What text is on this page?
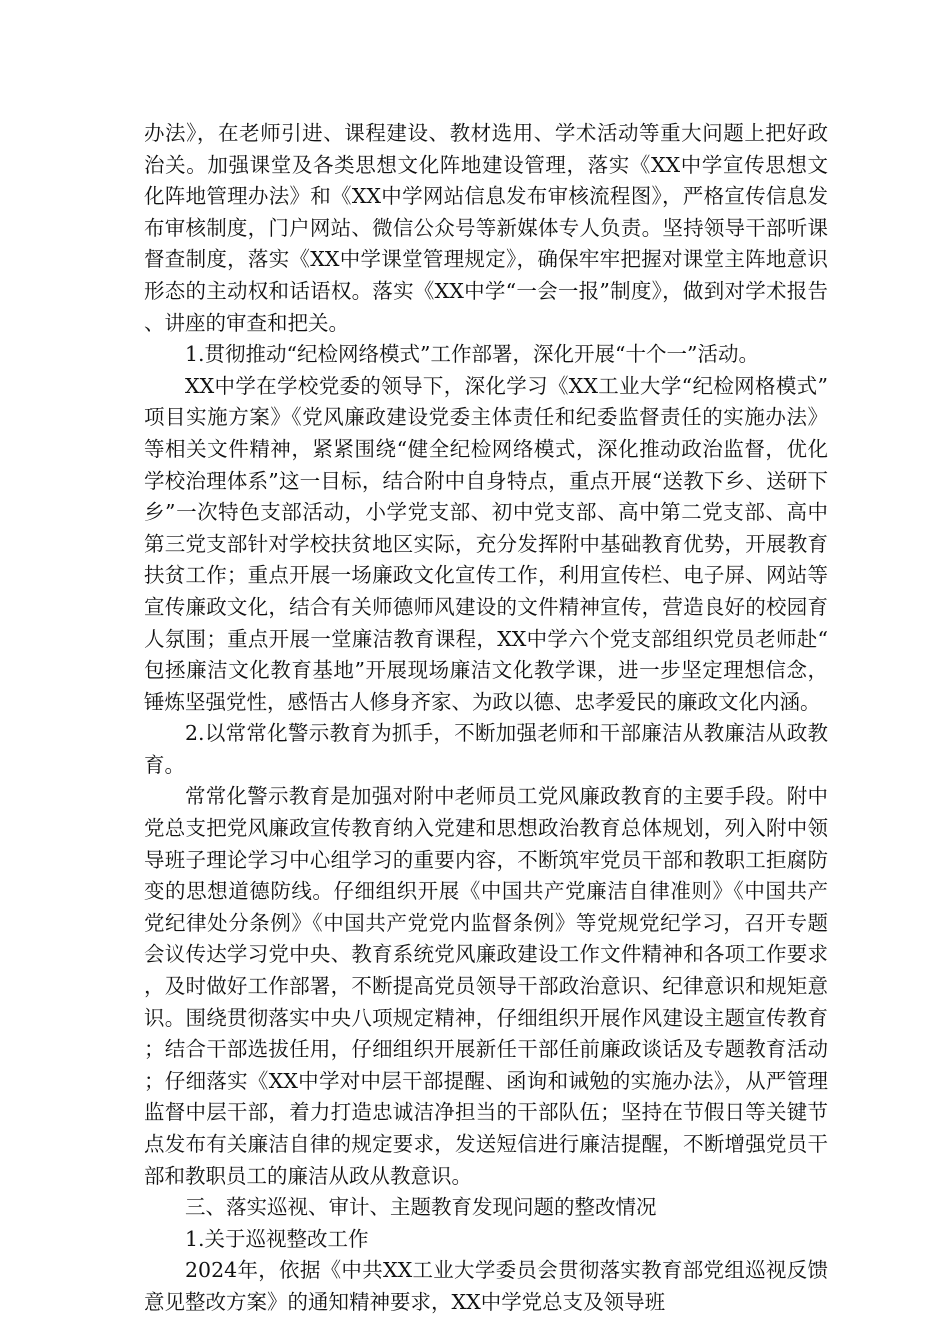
办法》，在老师引进、课程建设、教材选用、学术活动等重大问题上把好政治关。加强课堂及各类思想文化阵地建设管理，落实《XX中学宣传思想文化阵地管理办法》和《XX中学网站信息发布审核流程图》，严格宣传信息发布审核制度，门户网站、微信公众号等新媒体专人负责。坚持领导干部听课督查制度，落实《XX中学课堂管理规定》，确保牢牢把握对课堂主阵地意识形态的主动权和话语权。落实《XX中学“一会一报”制度》，做到对学术报告、讲座的审查和把关。

1.贯彻推动“纪检网络模式”工作部署，深化开展“十个一”活动。

XX中学在学校党委的领导下，深化学习《XX工业大学“纪检网格模式”项目实施方案》《党风廉政建设党委主体责任和纪委监督责任的实施办法》等相关文件精神，紧紧围绕“健全纪检网络模式，深化推动政治监督，优化学校治理体系”这一目标，结合附中自身特点，重点开展“送教下乡、送研下乡”一次特色支部活动，小学党支部、初中党支部、高中第二党支部、高中第三党支部针对学校扶贫地区实际，充分发挥附中基础教育优势，开展教育扶贫工作；重点开展一场廉政文化宣传工作，利用宣传栏、电子屏、网站等宣传廉政文化，结合有关师德师风建设的文件精神宣传，营造良好的校园育人氛围；重点开展一堂廉洁教育课程，XX中学六个党支部组织党员老师赴“包拯廉洁文化教育基地”开展现场廉洁文化教学课，进一步坚定理想信念，锤炼坚强党性，感悟古人修身齐家、为政以德、忠孝爱民的廉政文化内涵。

2.以常常化警示教育为抓手，不断加强老师和干部廉洁从教廉洁从政教育。

常常化警示教育是加强对附中老师员工党风廉政教育的主要手段。附中党总支把党风廉政宣传教育纳入党建和思想政治教育总体规划，列入附中领导班子理论学习中心组学习的重要内容，不断筑牢党员干部和教职工拒腐防变的思想道德防线。仔细组织开展《中国共产党廉洁自律准则》《中国共产党纪律处分条例》《中国共产党党内监督条例》等党规党纪学习，召开专题会议传达学习党中央、教育系统党风廉政建设工作文件精神和各项工作要求，及时做好工作部署，不断提高党员领导干部政治意识、纪律意识和规矩意识。围绕贯彻落实中央八项规定精神，仔细组织开展作风建设主题宣传教育；结合干部选拔任用，仔细组织开展新任干部任前廉政谈话及专题教育活动；仔细落实《XX中学对中层干部提醒、函询和诫勉的实施办法》，从严管理监督中层干部，着力打造忠诚洁净担当的干部队伍；坚持在节假日等关键节点发布有关廉洁自律的规定要求，发送短信进行廉洁提醒，不断增强党员干部和教职员工的廉洁从政从教意识。

三、落实巡视、审计、主题教育发现问题的整改情况

1.关于巡视整改工作

2024年，依据《中共XX工业大学委员会贯彻落实教育部党组巡视反馈意见整改方案》的通知精神要求，XX中学党总支及领导班
